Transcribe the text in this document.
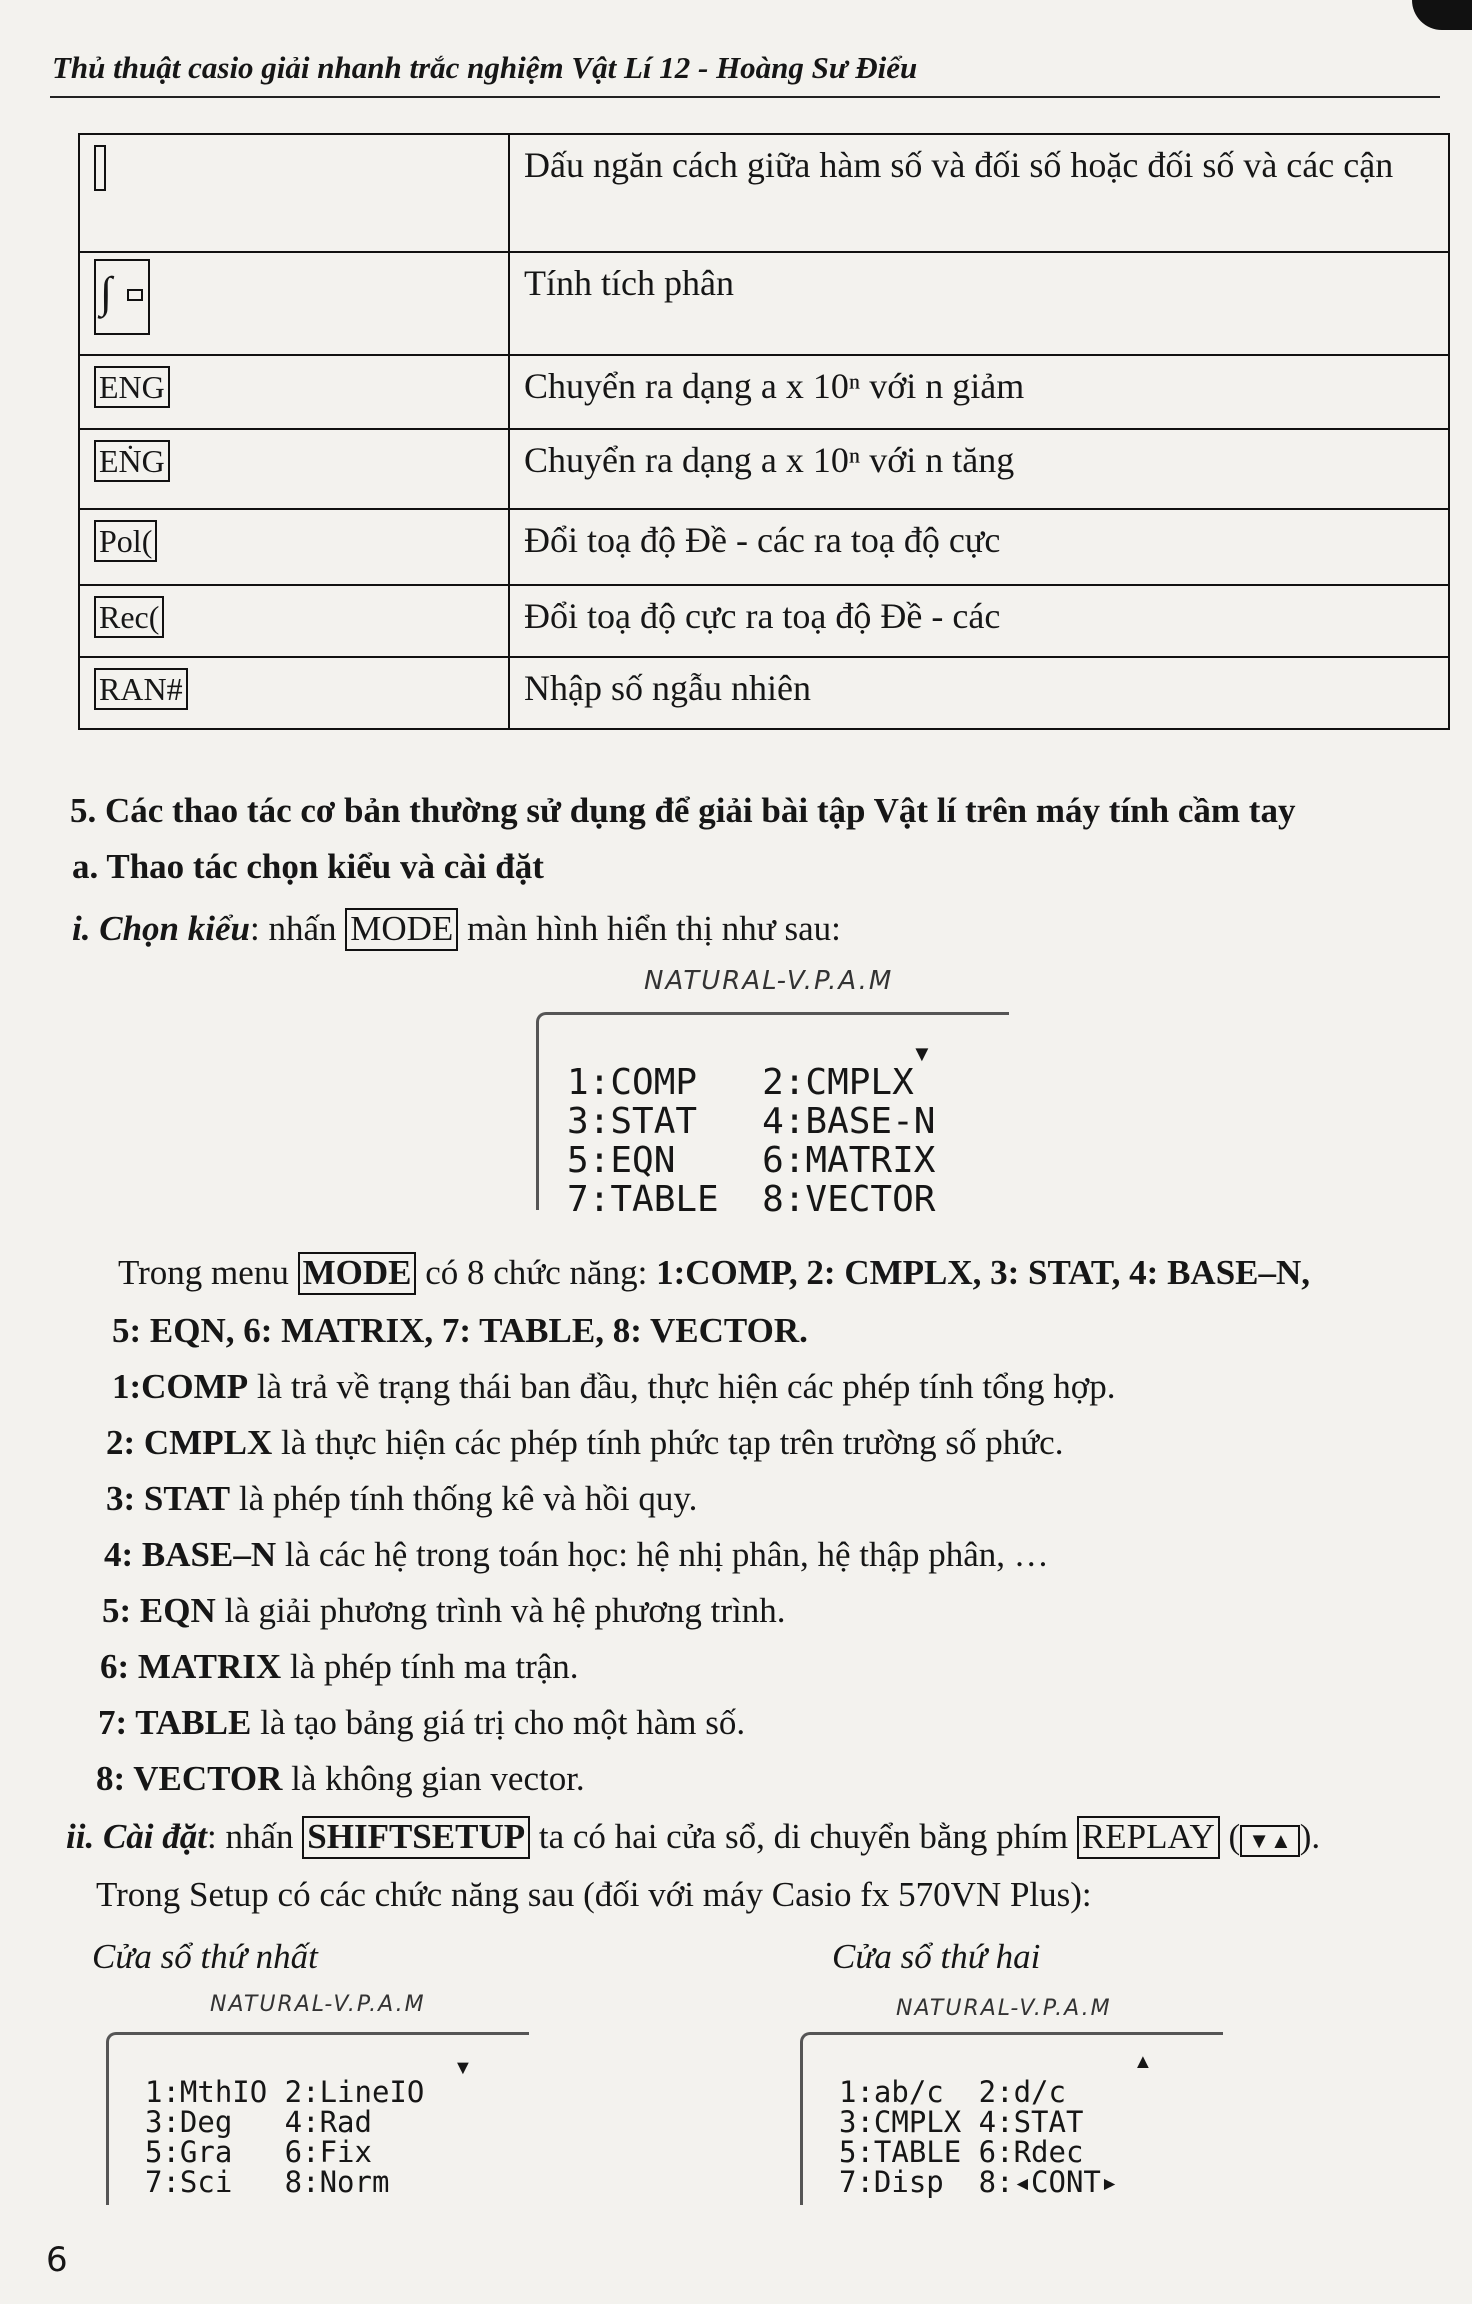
Thủ thuật casio giải nhanh trắc nghiệm Vật Lí 12 - Hoàng Sư Điểu
	Dấu ngăn cách giữa hàm số và đối số hoặc đối số và các cận

∫	Tính tích phân
ENG	Chuyển ra dạng a x 10ⁿ với n giảm
EṄG	Chuyển ra dạng a x 10ⁿ với n tăng
Pol(	Đổi toạ độ Đề - các ra toạ độ cực
Rec(	Đổi toạ độ cực ra toạ độ Đề - các
RAN#	Nhập số ngẫu nhiên
5. Các thao tác cơ bản thường sử dụng để giải bài tập Vật lí trên máy tính cầm tay
a. Thao tác chọn kiểu và cài đặt
i. Chọn kiểu: nhấn MODE màn hình hiển thị như sau:
NATURAL-V.P.A.M
▼
1:COMP   2:CMPLX
3:STAT   4:BASE-N
5:EQN    6:MATRIX
7:TABLE  8:VECTOR
Trong menu MODE có 8 chức năng: 1:COMP, 2: CMPLX, 3: STAT, 4: BASE–N,
5: EQN, 6: MATRIX, 7: TABLE, 8: VECTOR.
1:COMP là trả về trạng thái ban đầu, thực hiện các phép tính tổng hợp.
2: CMPLX là thực hiện các phép tính phức tạp trên trường số phức.
3: STAT là phép tính thống kê và hồi quy.
4: BASE–N là các hệ trong toán học: hệ nhị phân, hệ thập phân, …
5: EQN là giải phương trình và hệ phương trình.
6: MATRIX là phép tính ma trận.
7: TABLE là tạo bảng giá trị cho một hàm số.
8: VECTOR là không gian vector.
ii. Cài đặt: nhấn SHIFTSETUP ta có hai cửa sổ, di chuyển bằng phím REPLAY ( ▼▲ ).
Trong Setup có các chức năng sau (đối với máy Casio fx 570VN Plus):
Cửa sổ thứ nhất	Cửa sổ thứ hai
NATURAL-V.P.A.M
▼
1:MthIO 2:LineIO
3:Deg   4:Rad
5:Gra   6:Fix
7:Sci   8:Norm
NATURAL-V.P.A.M
▲
1:ab/c  2:d/c
3:CMPLX 4:STAT
5:TABLE 6:Rdec
7:Disp  8:◂CONT▸
6
